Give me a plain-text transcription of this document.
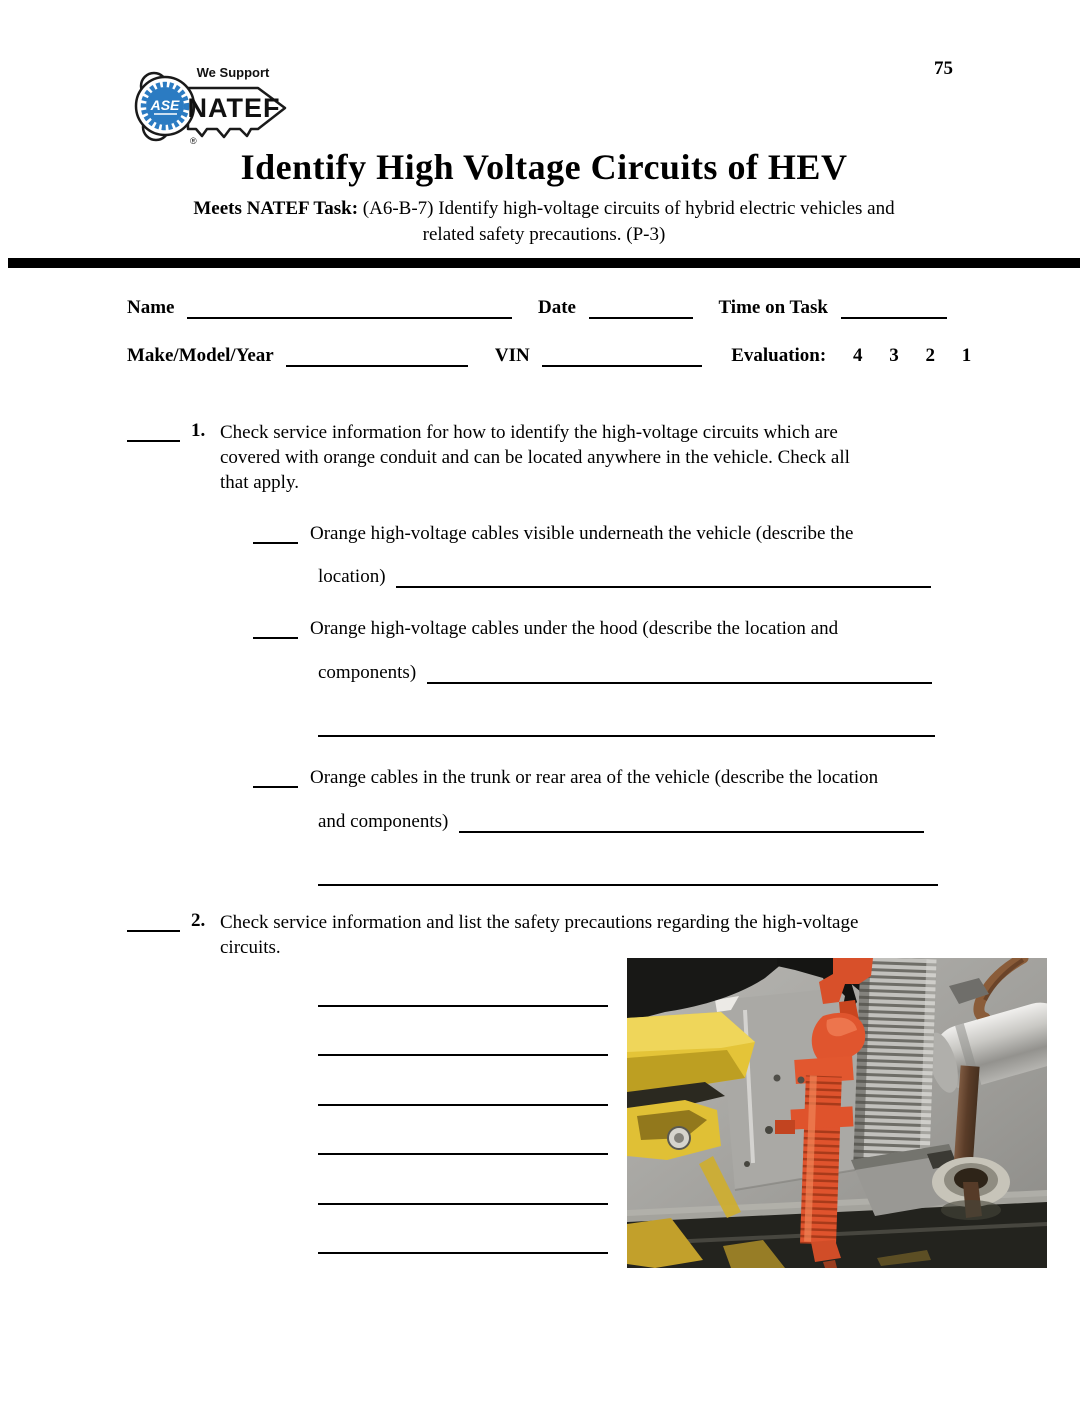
75
ASE
We Support
NATEF
®
Identify High Voltage Circuits of HEV
Meets NATEF Task: (A6-B-7) Identify high-voltage circuits of hybrid electric vehicles and
related safety precautions. (P-3)
Name	Date	Time on Task
Make/Model/Year	VIN	Evaluation: 4 3 2 1
1. Check service information for how to identify the high-voltage circuits which are
covered with orange conduit and can be located anywhere in the vehicle. Check all
that apply.
Orange high-voltage cables visible underneath the vehicle (describe the
location)
Orange high-voltage cables under the hood (describe the location and
components)
Orange cables in the trunk or rear area of the vehicle (describe the location
and components)
2. Check service information and list the safety precautions regarding the high-voltage
circuits.
